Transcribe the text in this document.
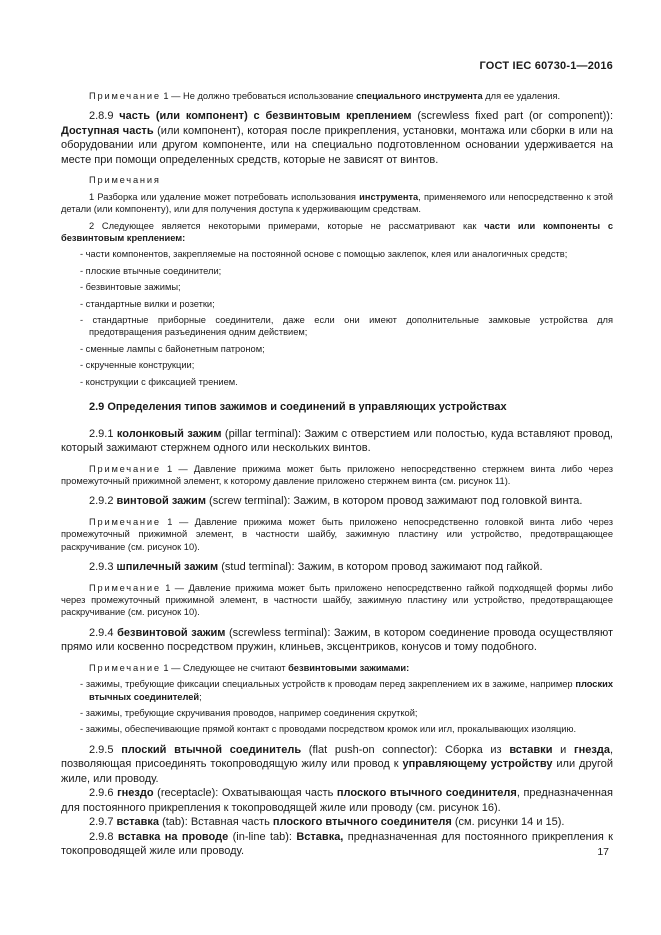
ГОСТ IEC 60730-1—2016

Примечание 1 — Не должно требоваться использование специального инструмента для ее удаления.

2.8.9 часть (или компонент) с безвинтовым креплением (screwless fixed part (or component)): Доступная часть (или компонент), которая после прикрепления, установки, монтажа или сборки в или на оборудовании или другом компоненте, или на специально подготовленном основании удерживается на месте при помощи определенных средств, которые не зависят от винтов.

Примечания

1 Разборка или удаление может потребовать использования инструмента, применяемого или непосредственно к этой детали (или компоненту), или для получения доступа к удерживающим средствам.

2 Следующее является некоторыми примерами, которые не рассматривают как части или компоненты с безвинтовым креплением:

- части компонентов, закрепляемые на постоянной основе с помощью заклепок, клея или аналогичных средств;

- плоские втычные соединители;

- безвинтовые зажимы;

- стандартные вилки и розетки;

- стандартные приборные соединители, даже если они имеют дополнительные замковые устройства для предотвращения разъединения одним действием;

- сменные лампы с байонетным патроном;

- скрученные конструкции;

- конструкции с фиксацией трением.

2.9 Определения типов зажимов и соединений в управляющих устройствах

2.9.1 колонковый зажим (pillar terminal): Зажим с отверстием или полостью, куда вставляют провод, который зажимают стержнем одного или нескольких винтов.

Примечание 1 — Давление прижима может быть приложено непосредственно стержнем винта либо через промежуточный прижимной элемент, к которому давление приложено стержнем винта (см. рисунок 11).

2.9.2 винтовой зажим (screw terminal): Зажим, в котором провод зажимают под головкой винта.

Примечание 1 — Давление прижима может быть приложено непосредственно головкой винта либо через промежуточный прижимной элемент, в частности шайбу, зажимную пластину или устройство, предотвращающее раскручивание (см. рисунок 10).

2.9.3 шпилечный зажим (stud terminal): Зажим, в котором провод зажимают под гайкой.

Примечание 1 — Давление прижима может быть приложено непосредственно гайкой подходящей формы либо через промежуточный прижимной элемент, в частности шайбу, зажимную пластину или устройство, предотвращающее раскручивание (см. рисунок 10).

2.9.4 безвинтовой зажим (screwless terminal): Зажим, в котором соединение провода осуществляют прямо или косвенно посредством пружин, клиньев, эксцентриков, конусов и тому подобного.

Примечание 1 — Следующее не считают безвинтовыми зажимами:

- зажимы, требующие фиксации специальных устройств к проводам перед закреплением их в зажиме, например плоских втычных соединителей;

- зажимы, требующие скручивания проводов, например соединения скруткой;

- зажимы, обеспечивающие прямой контакт с проводами посредством кромок или игл, прокалывающих изоляцию.

2.9.5 плоский втычной соединитель (flat push-on connector): Сборка из вставки и гнезда, позволяющая присоединять токопроводящую жилу или провод к управляющему устройству или другой жиле, или проводу.

2.9.6 гнездо (receptacle): Охватывающая часть плоского втычного соединителя, предназначенная для постоянного прикрепления к токопроводящей жиле или проводу (см. рисунок 16).

2.9.7 вставка (tab): Вставная часть плоского втычного соединителя (см. рисунки 14 и 15).

2.9.8 вставка на проводе (in-line tab): Вставка, предназначенная для постоянного прикрепления к токопроводящей жиле или проводу.	17
